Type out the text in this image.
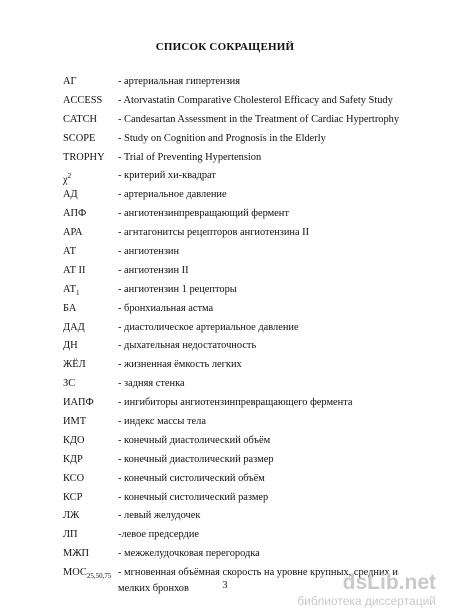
СПИСОК СОКРАЩЕНИЙ
АГ	- артериальная гипертензия
ACCESS - Atorvastatin Comparative Cholesterol Efficacy and Safety Study
CATCH - Candesartan Assessment in the Treatment of Cardiac Hypertrophy
SCOPE - Study on Cognition and Prognosis in the Elderly
TROPHY - Trial of Preventing Hypertension
$\chi^2$	- критерий хи-квадрат
АД	- артериальное давление
АПФ	- ангиотензинпревращающий фермент
АРА	- агнтагонитсы рецепторов ангиотензина II
АТ	- ангиотензин
АТ II	- ангиотензин II
$АТ_1$	- ангиотензин 1 рецепторы
БА	- бронхиальная астма
ДАД	- диастолическое артериальное давление
ДН	- дыхательная недостаточность
ЖЁЛ	- жизненная ёмкость легких
ЗС	- задняя стенка
ИАПФ - ингибиторы ангиотензинпревращающего фермента
ИМТ	- индекс массы тела
КДО	- конечный диастолический объём
КДР	- конечный диастолический размер
КСО	- конечный систолический объём
КСР	- конечный систолический размер
ЛЖ	- левый желудочек
ЛП	-левое предсердие
МЖП	- межжелудочковая перегородка
$МОС_{25,50,75}$ - мгновенная объёмная скорость на уровне крупных, средних и мелких бронхов	3	dsLib.net
библиотека диссертаций
